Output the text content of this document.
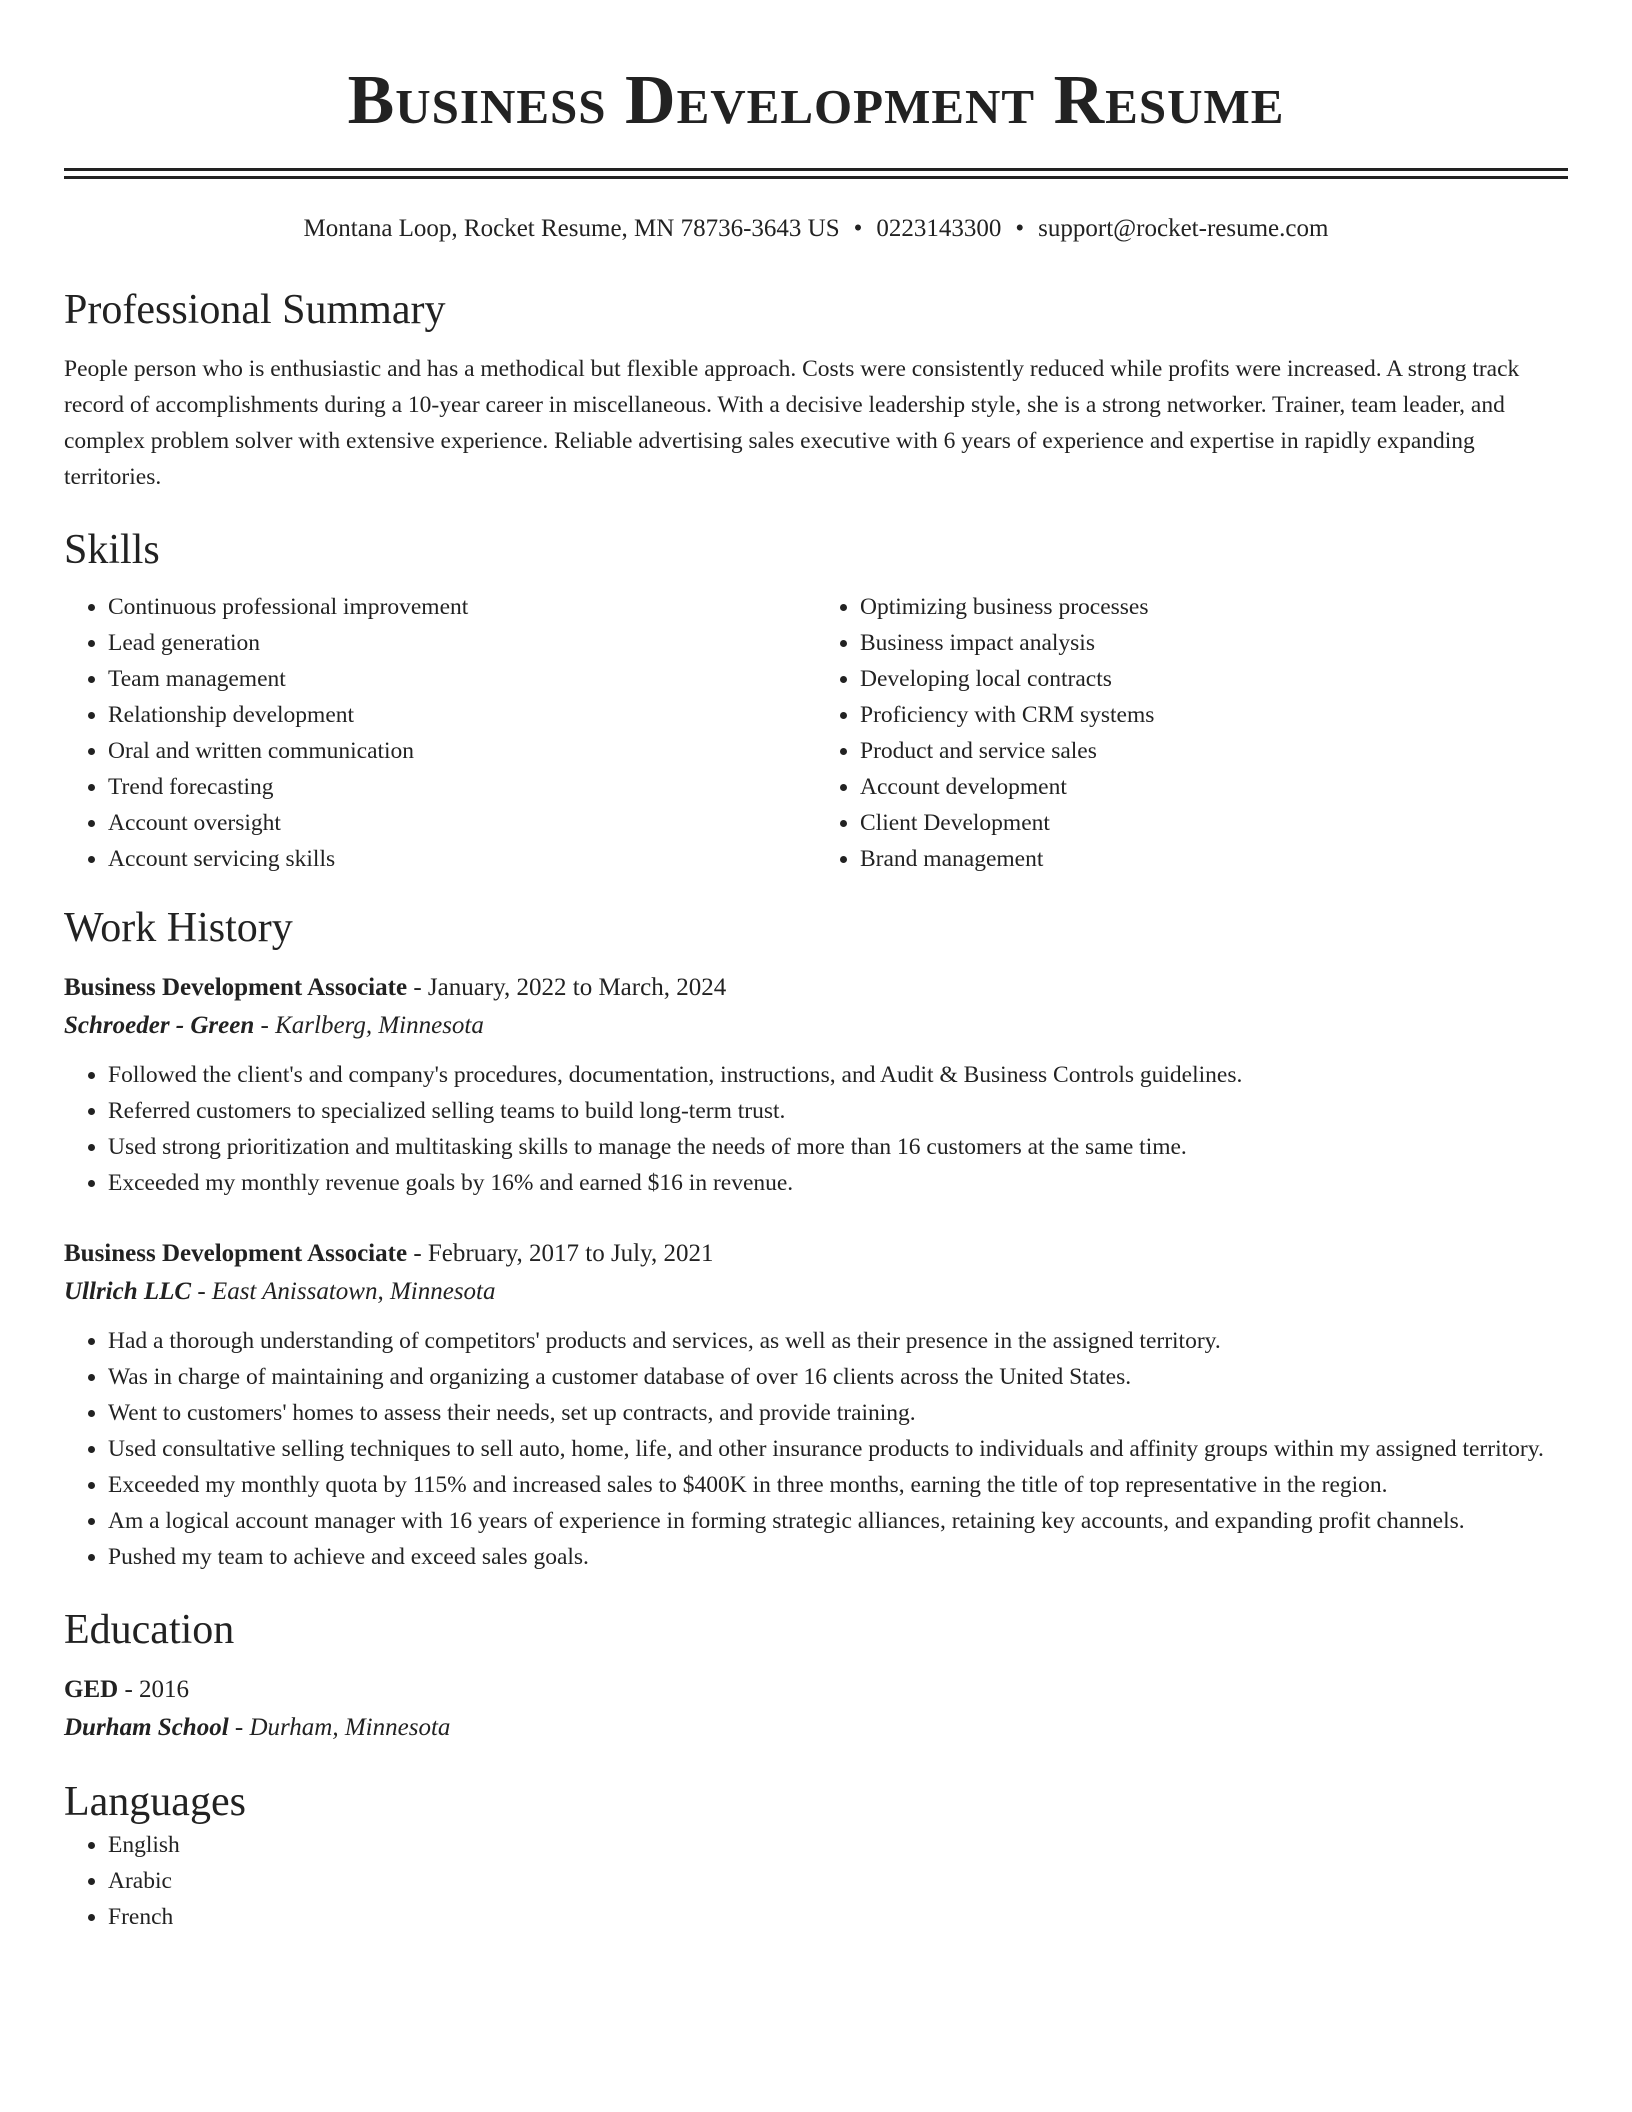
Business Development Resume
Montana Loop, Rocket Resume, MN 78736-3643 US • 0223143300 • support@rocket-resume.com
Professional Summary

People person who is enthusiastic and has a methodical but flexible approach. Costs were consistently reduced while profits were increased. A strong track record of accomplishments during a 10-year career in miscellaneous. With a decisive leadership style, she is a strong networker. Trainer, team leader, and complex problem solver with extensive experience. Reliable advertising sales executive with 6 years of experience and expertise in rapidly expanding territories.

Skills
• Continuous professional improvement
• Lead generation
• Team management
• Relationship development
• Oral and written communication
• Trend forecasting
• Account oversight
• Account servicing skills
• Optimizing business processes
• Business impact analysis
• Developing local contracts
• Proficiency with CRM systems
• Product and service sales
• Account development
• Client Development
• Brand management
Work History
Business Development Associate - January, 2022 to March, 2024
Schroeder - Green - Karlberg, Minnesota
• Followed the client's and company's procedures, documentation, instructions, and Audit & Business Controls guidelines.
• Referred customers to specialized selling teams to build long-term trust.
• Used strong prioritization and multitasking skills to manage the needs of more than 16 customers at the same time.
• Exceeded my monthly revenue goals by 16% and earned $16 in revenue.
Business Development Associate - February, 2017 to July, 2021
Ullrich LLC - East Anissatown, Minnesota
• Had a thorough understanding of competitors' products and services, as well as their presence in the assigned territory.
• Was in charge of maintaining and organizing a customer database of over 16 clients across the United States.
• Went to customers' homes to assess their needs, set up contracts, and provide training.
• Used consultative selling techniques to sell auto, home, life, and other insurance products to individuals and affinity groups within my assigned territory.
• Exceeded my monthly quota by 115% and increased sales to $400K in three months, earning the title of top representative in the region.
• Am a logical account manager with 16 years of experience in forming strategic alliances, retaining key accounts, and expanding profit channels.
• Pushed my team to achieve and exceed sales goals.
Education
GED - 2016
Durham School - Durham, Minnesota
Languages
• English
• Arabic
• French
